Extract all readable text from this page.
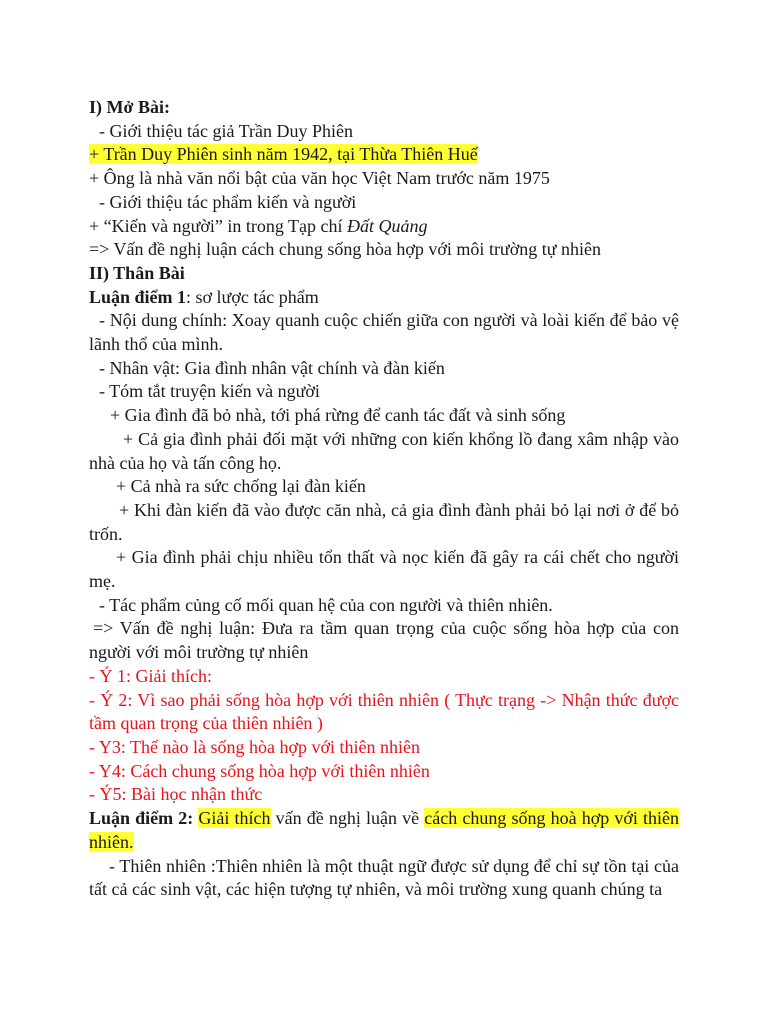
I) Mở Bài:
- Giới thiệu tác giả Trần Duy Phiên
+ Trần Duy Phiên sinh năm 1942, tại Thừa Thiên Huế
+ Ông là nhà văn nổi bật của văn học Việt Nam trước năm 1975
- Giới thiệu tác phẩm kiến và người
+ “Kiến và người” in trong Tạp chí Đất Quảng
=> Vấn đề nghị luận cách chung sống hòa hợp với môi trường tự nhiên
II) Thân Bài
Luận điểm 1: sơ lược tác phẩm
- Nội dung chính: Xoay quanh cuộc chiến giữa con người và loài kiến để bảo vệ lãnh thổ của mình.
- Nhân vật: Gia đình nhân vật chính và đàn kiến
- Tóm tắt truyện kiến và người
+ Gia đình đã bỏ nhà, tới phá rừng để canh tác đất và sinh sống
+ Cả gia đình phải đối mặt với những con kiến khổng lồ đang xâm nhập vào nhà của họ và tấn công họ.
+ Cả nhà ra sức chống lại đàn kiến
+ Khi đàn kiến đã vào được căn nhà, cả gia đình đành phải bỏ lại nơi ở để bỏ trốn.
+ Gia đình phải chịu nhiều tổn thất và nọc kiến đã gây ra cái chết cho người mẹ.
- Tác phẩm củng cố mối quan hệ của con người và thiên nhiên.
=> Vấn đề nghị luận: Đưa ra tầm quan trọng của cuộc sống hòa hợp của con người với môi trường tự nhiên
- Ý 1: Giải thích:
- Ý 2: Vì sao phải sống hòa hợp với thiên nhiên ( Thực trạng -> Nhận thức được tầm quan trọng của thiên nhiên )
- Y3: Thế nào là sống hòa hợp với thiên nhiên
- Y4: Cách chung sống hòa hợp với thiên nhiên
- Ý5: Bài học nhận thức
Luận điểm 2: Giải thích vấn đề nghị luận về cách chung sống hoà hợp với thiên nhiên.
- Thiên nhiên :Thiên nhiên là một thuật ngữ được sử dụng để chỉ sự tồn tại của tất cả các sinh vật, các hiện tượng tự nhiên, và môi trường xung quanh chúng ta
